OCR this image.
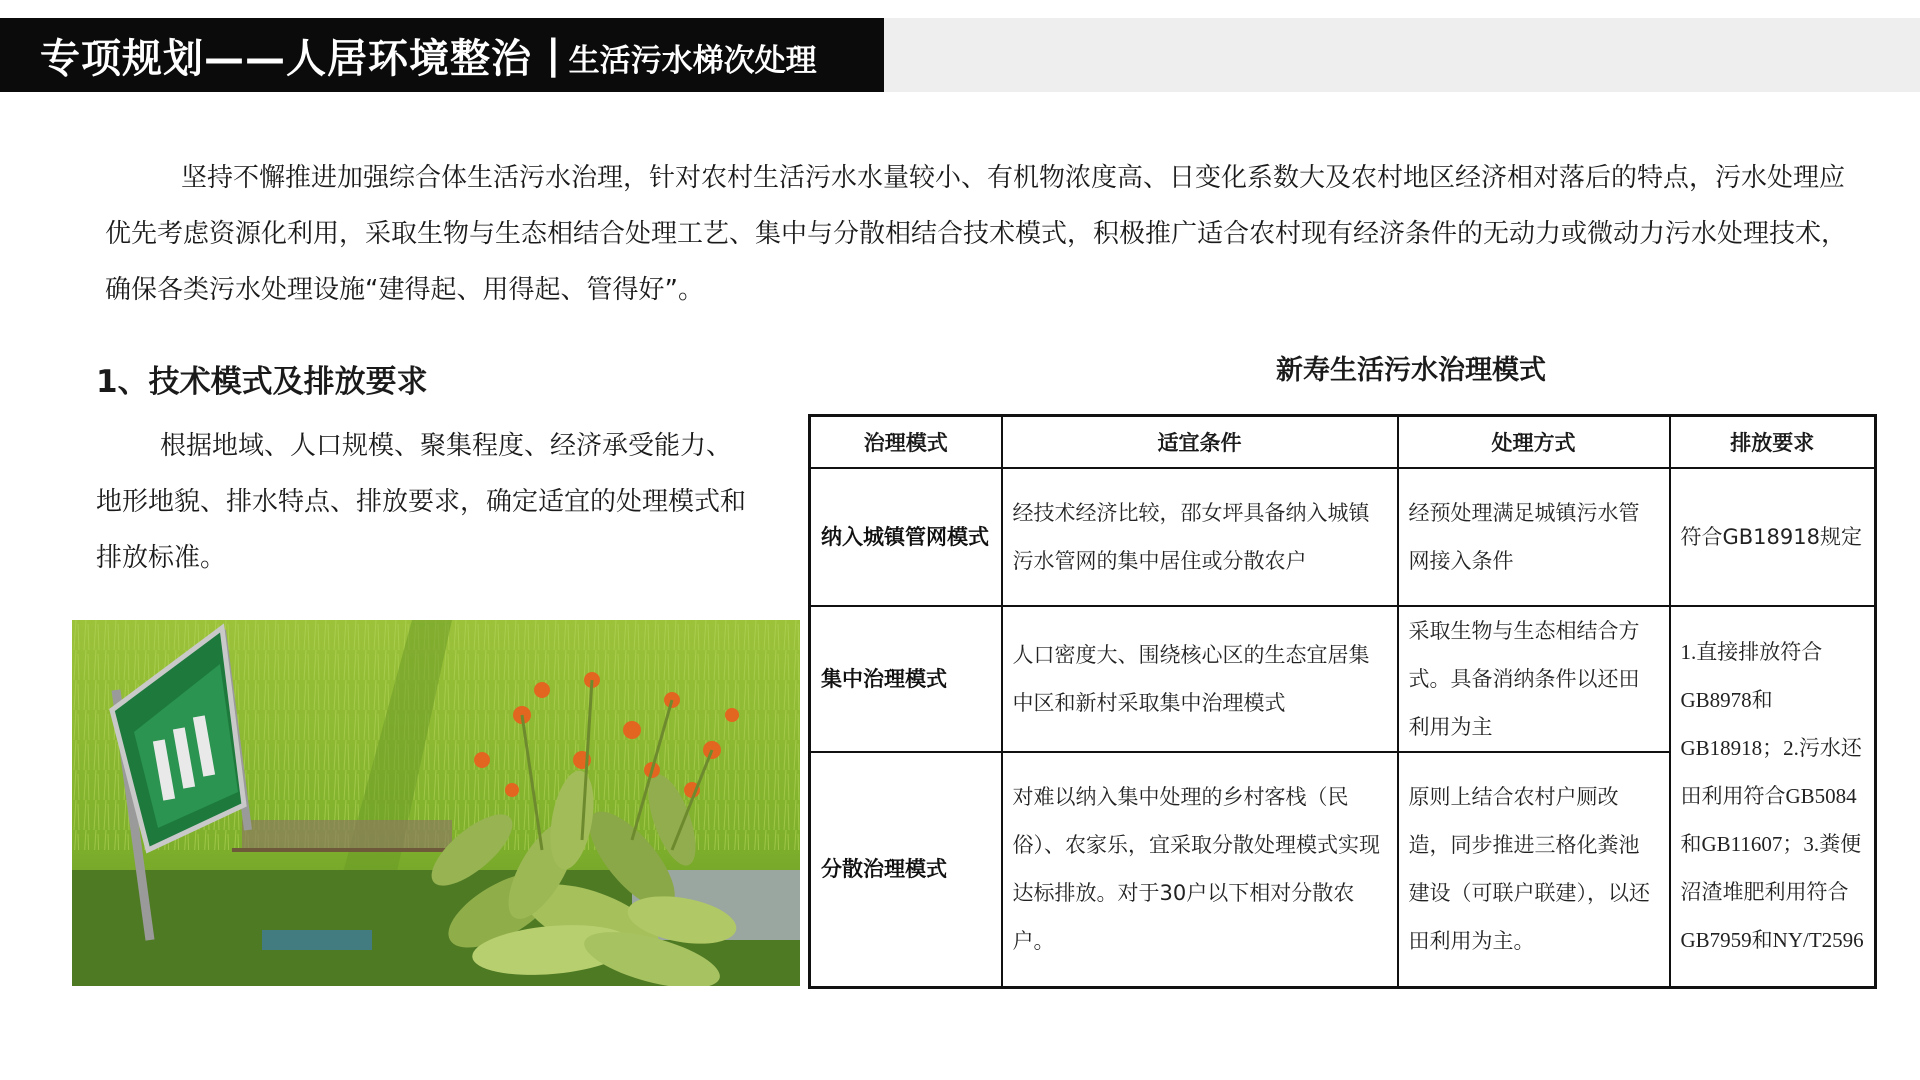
专项规划——人居环境整治 | 生活污水梯次处理

坚持不懈推进加强综合体生活污水治理，针对农村生活污水水量较小、有机物浓度高、日变化系数大及农村地区经济相对落后的特点，污水处理应优先考虑资源化利用，采取生物与生态相结合处理工艺、集中与分散相结合技术模式，积极推广适合农村现有经济条件的无动力或微动力污水处理技术，确保各类污水处理设施“建得起、用得起、管得好”。

1、技术模式及排放要求

根据地域、人口规模、聚集程度、经济承受能力、地形地貌、排水特点、排放要求，确定适宜的处理模式和排放标准。

新寿生活污水治理模式
治理模式	适宜条件	处理方式	排放要求
纳入城镇管网模式	经技术经济比较，邵女坪具备纳入城镇污水管网的集中居住或分散农户	经预处理满足城镇污水管网接入条件	符合GB18918规定
集中治理模式	人口密度大、围绕核心区的生态宜居集中区和新村采取集中治理模式	采取生物与生态相结合方式。具备消纳条件以还田利用为主	1.直接排放符合GB8978和GB18918；2.污水还田利用符合GB5084和GB11607；3.粪便沼渣堆肥利用符合GB7959和NY/T2596
分散治理模式	对难以纳入集中处理的乡村客栈（民俗）、农家乐，宜采取分散处理模式实现达标排放。对于30户以下相对分散农户。	原则上结合农村户厕改造，同步推进三格化粪池建设（可联户联建），以还田利用为主。	
